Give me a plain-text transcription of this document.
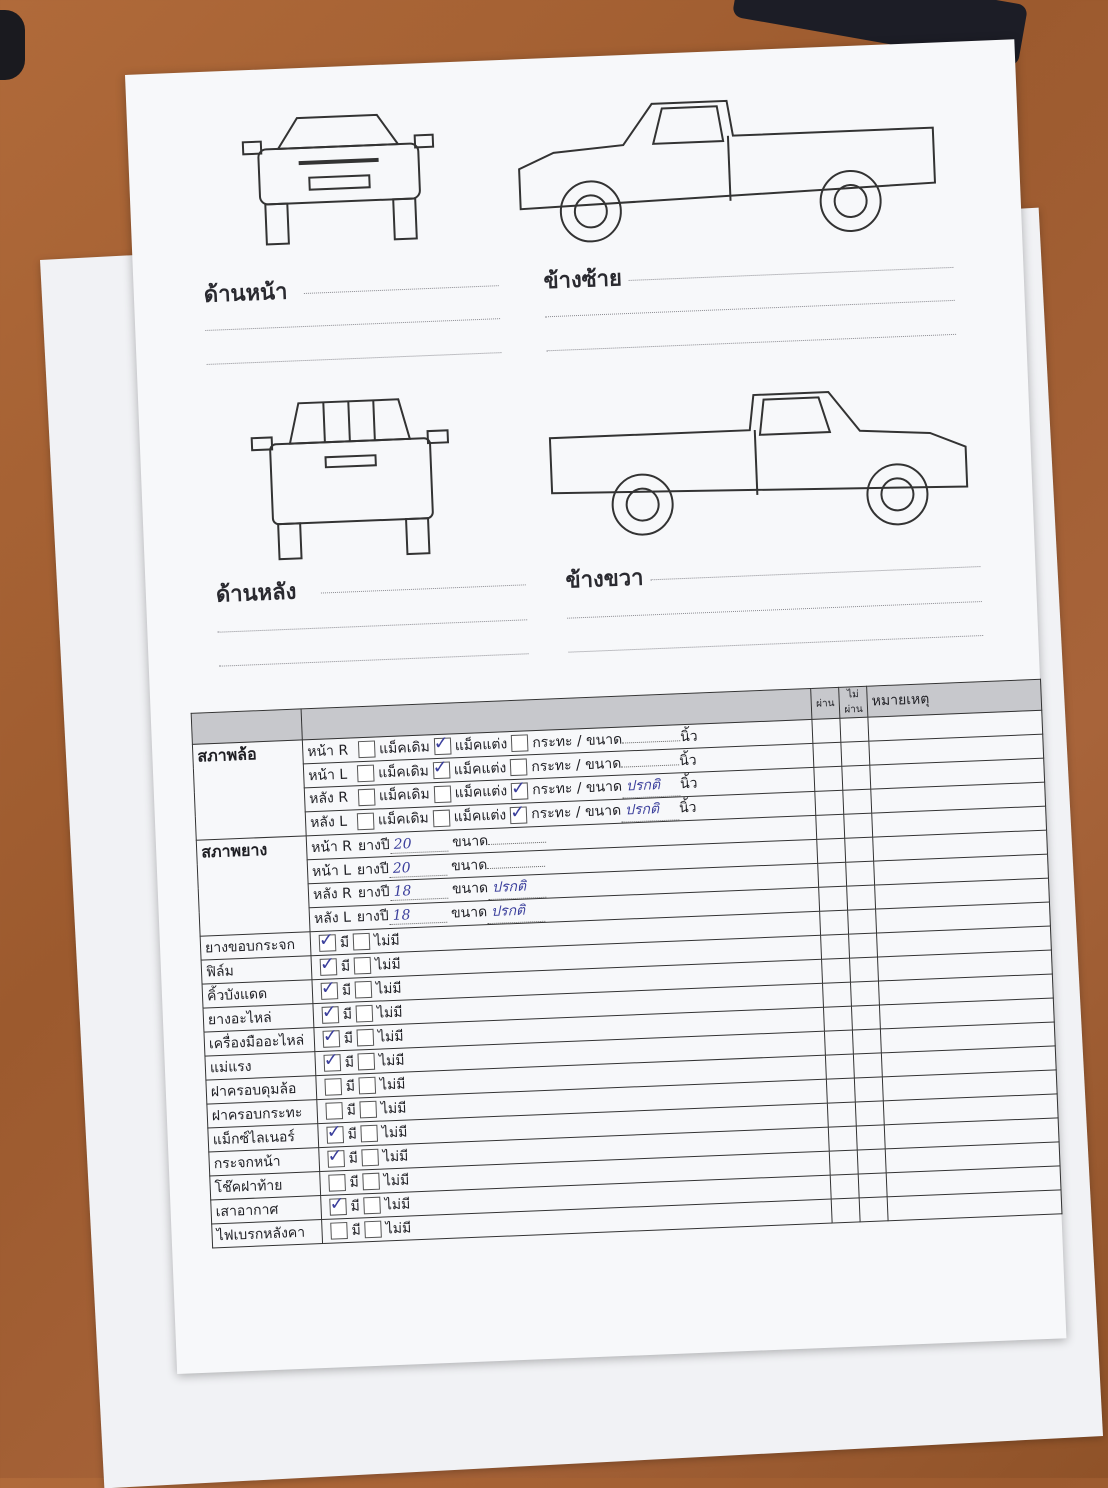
ด้านหน้า	ข้างซ้าย
ด้านหลัง	ข้างขวา
		ผ่าน	ไม่ผ่าน	หมายเหตุ
สภาพล้อ	หน้า R แม็คเดิม ✓ แม็คแต่ง กระทะ / ขนาด นิ้ว			
	หน้า L แม็คเดิม ✓ แม็คแต่ง กระทะ / ขนาด นิ้ว			
	หลัง R แม็คเดิม แม็คแต่ง ✓ กระทะ / ขนาด ปรกติ นิ้ว			
	หลัง L แม็คเดิม แม็คแต่ง ✓ กระทะ / ขนาด ปรกติ นิ้ว			
สภาพยาง	หน้า R ยางปี 20 ขนาด			
	หน้า L ยางปี 20 ขนาด			
	หลัง R ยางปี 18 ขนาด ปรกติ			
	หลัง L ยางปี 18 ขนาด ปรกติ			
ยางขอบกระจก	✓มี ไม่มี			
ฟิล์ม	✓มี ไม่มี			
คิ้วบังแดด	✓มี ไม่มี			
ยางอะไหล่	✓มี ไม่มี			
เครื่องมืออะไหล่	✓มี ไม่มี			
แม่แรง	✓มี ไม่มี			
ฝาครอบดุมล้อ	มี ไม่มี			
ฝาครอบกระทะ	มี ไม่มี			
แม็กซ์ไลเนอร์	✓มี ไม่มี			
กระจกหน้า	✓มี ไม่มี			
โช๊คฝาท้าย	มี ไม่มี			
เสาอากาศ	✓มี ไม่มี			
ไฟเบรกหลังคา	มี ไม่มี			
